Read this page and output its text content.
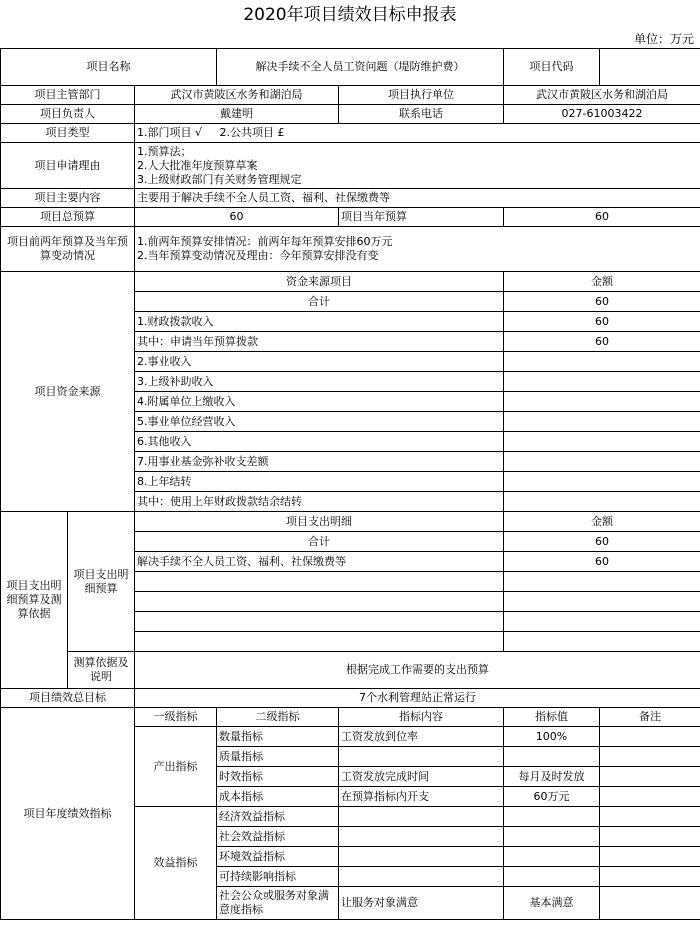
2020年项目绩效目标申报表
单位：万元
项目名称			解决手续不全人员工资问题（堤防维护费）		项目代码	
项目主管部门		武汉市黄陂区水务和湖泊局		项目执行单位	武汉市黄陂区水务和湖泊局	
项目负责人		戴建明		联系电话	027-61003422	
项目类型		1.部门项目 √ 2.公共项目 £				
项目申请理由		1.预算法；
2.人大批准年度预算草案
3.上级财政部门有关财务管理规定				

项目主要内容		主要用于解决手续不全人员工资、福利、社保缴费等				
项目总预算		60		项目当年预算	60	
项目前两年预算及当年预算变动情况		1.前两年预算安排情况：前两年每年预算安排60万元
2.当年预算变动情况及理由：今年预算安排没有变				

项目资金来源		资金来源项目			金额	
		合计			60	
		1.财政拨款收入			60	
		其中：申请当年预算拨款			60	
		2.事业收入				
		3.上级补助收入				
		4.附属单位上缴收入				
		5.事业单位经营收入				
		6.其他收入				
		7.用事业基金弥补收支差额				
		8.上年结转				
		其中：使用上年财政拨款结余结转				
项目支出明细预算及测算依据	项目支出明细预算	项目支出明细			金额	
		合计			60	
		解决手续不全人员工资、福利、社保缴费等			60	

	测算依据及说明	根据完成工作需要的支出预算				
项目绩效总目标		7个水利管理站正常运行				
项目年度绩效指标		一级指标	二级指标	指标内容	指标值	备注
		产出指标	数量指标	工资发放到位率	100%	
			质量指标			
			时效指标	工资发放完成时间	每月及时发放	
			成本指标	在预算指标内开支	60万元	
		效益指标	经济效益指标			
			社会效益指标			
			环境效益指标			
			可持续影响指标			
			社会公众或服务对象满意度指标	让服务对象满意	基本满意	
